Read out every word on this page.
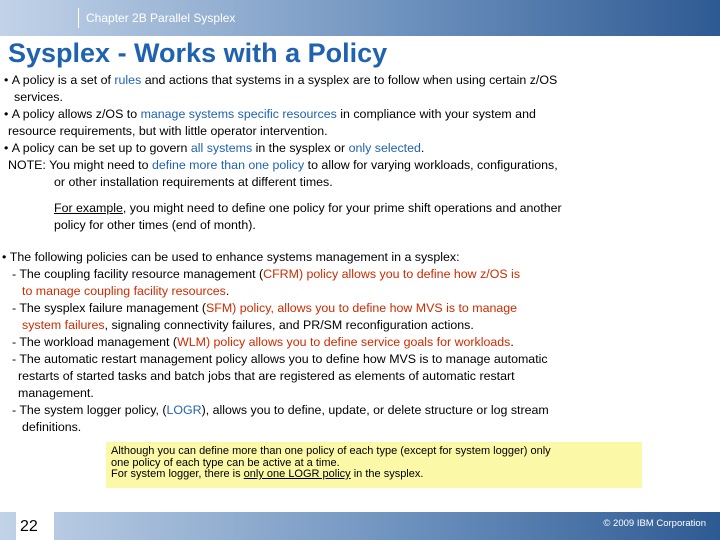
Chapter 2B Parallel Sysplex
Sysplex - Works with a Policy
• A policy is a set of rules and actions that systems in a sysplex are to follow when using certain z/OS
services.
• A policy allows z/OS to manage systems specific resources in compliance with your system and
resource requirements, but with little operator intervention.
• A policy can be set up to govern all systems in the sysplex or only selected.
NOTE: You might need to define more than one policy to allow for varying workloads, configurations,
or other installation requirements at different times.
For example, you might need to define one policy for your prime shift operations and another
policy for other times (end of month).
• The following policies can be used to enhance systems management in a sysplex:
- The coupling facility resource management (CFRM) policy allows you to define how z/OS is
to manage coupling facility resources.
- The sysplex failure management (SFM) policy, allows you to define how MVS is to manage
system failures, signaling connectivity failures, and PR/SM reconfiguration actions.
- The workload management (WLM) policy allows you to define service goals for workloads.
- The automatic restart management policy allows you to define how MVS is to manage automatic
restarts of started tasks and batch jobs that are registered as elements of automatic restart
management.
- The system logger policy, (LOGR), allows you to define, update, or delete structure or log stream
definitions.
Although you can define more than one policy of each type (except for system logger) only
one policy of each type can be active at a time.
For system logger, there is only one LOGR policy in the sysplex.
22	© 2009 IBM Corporation
